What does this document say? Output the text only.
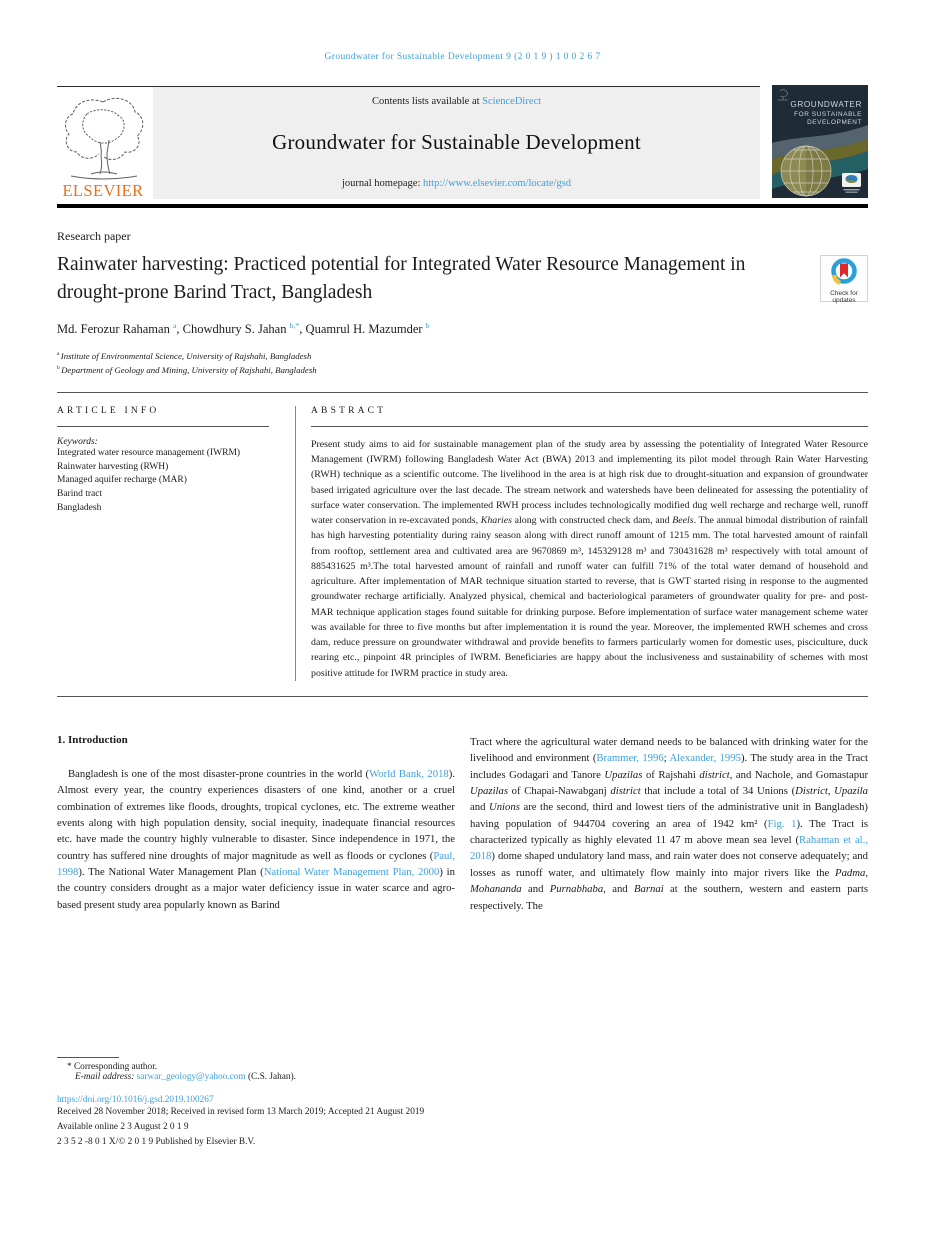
Groundwater for Sustainable Development 9 (2 0 1 9 ) 1 0 0 2 6 7
ELSEVIER
Contents lists available at ScienceDirect
Groundwater for Sustainable Development
journal homepage: http://www.elsevier.com/locate/gsd
GROUNDWATER
FOR SUSTAINABLE
DEVELOPMENT
Research paper
Rainwater harvesting: Practiced potential for Integrated Water Resource Management in drought-prone Barind Tract, Bangladesh	Check for
updates
Md. Ferozur Rahaman $^a$, Chowdhury S. Jahan $^{b,*}$, Quamrul H. Mazumder $^b$
$^a$ Institute of Environmental Science, University of Rajshahi, Bangladesh
$^b$ Department of Geology and Mining, University of Rajshahi, Bangladesh
ARTICLE INFO
Keywords:
Integrated water resource management (IWRM)
Rainwater harvesting (RWH)
Managed aquifer recharge (MAR)
Barind tract
Bangladesh
ABSTRACT

Present study aims to aid for sustainable management plan of the study area by assessing the potentiality of Integrated Water Resource Management (IWRM) following Bangladesh Water Act (BWA) 2013 and implementing its pilot model through Rain Water Harvesting (RWH) technique as a scientific outcome. The livelihood in the area is at high risk due to drought-situation and expansion of groundwater based irrigated agriculture over the last decade. The stream network and watersheds have been delineated for assessing the potentiality of surface water conservation. The implemented RWH process includes technologically modified dug well recharge and recharge well, runoff water conservation in re-excavated ponds, Kharies along with constructed check dam, and Beels. The annual bimodal distribution of rainfall has high harvesting potentiality during rainy season along with direct runoff amount of 1215 mm. The total harvested amount of rainfall from rooftop, settlement area and cultivated area are 9670869 m³, 145329128 m³ and 730431628 m³ respectively with total amount of 885431625 m³.The total harvested amount of rainfall and runoff water can fulfill 71% of the total water demand of household and agriculture. After implementation of MAR technique situation started to reverse, that is GWT started rising in response to the augmented groundwater recharge artificially. Analyzed physical, chemical and bacteriological parameters of groundwater quality for pre- and post- MAR technique application stages found suitable for drinking purpose. Before implementation of surface water management scheme water was available for three to five months but after implementation it is round the year. Moreover, the implemented RWH schemes and cross dam, reduce pressure on groundwater withdrawal and provide benefits to farmers particularly women for domestic uses, pisciculture, duck rearing etc., pinpoint 4R principles of IWRM. Beneficiaries are happy about the inclusiveness and sustainability of schemes with most positive attitude for IWRM practice in study area.

1. Introduction

Bangladesh is one of the most disaster-prone countries in the world (World Bank, 2018). Almost every year, the country experiences disasters of one kind, another or a cruel combination of extremes like floods, droughts, tropical cyclones, etc. The extreme weather events along with high population density, social inequity, inadequate financial resources etc. have made the country highly vulnerable to disaster. Since independence in 1971, the country has suffered nine droughts of major magnitude as well as floods or cyclones (Paul, 1998). The National Water Management Plan (National Water Management Plan, 2000) in the country considers drought as a major water deficiency issue in water scarce and agro-based present study area popularly known as Barind

Tract where the agricultural water demand needs to be balanced with drinking water for the livelihood and environment (Brammer, 1996; Alexander, 1995). The study area in the Tract includes Godagari and Tanore Upazilas of Rajshahi district, and Nachole, and Gomastapur Upazilas of Chapai-Nawabganj district that include a total of 34 Unions (District, Upazila and Unions are the second, third and lowest tiers of the administrative unit in Bangladesh) having population of 944704 covering an area of 1942 km² (Fig. 1). The Tract is characterized typically as highly elevated 11 47 m above mean sea level (Rahaman et al., 2018) dome shaped undulatory land mass, and rain water does not conserve adequately; and losses as runoff water, and ultimately flow mainly into major rivers like the Padma, Mohananda and Purnabhaba, and Barnai at the southern, western and eastern parts respectively. The

* Corresponding author.
E-mail address: sarwar_geology@yahoo.com (C.S. Jahan).
https://doi.org/10.1016/j.gsd.2019.100267
Received 28 November 2018; Received in revised form 13 March 2019; Accepted 21 August 2019
Available online 2 3 August 2 0 1 9
2 3 5 2 -8 0 1 X/© 2 0 1 9 Published by Elsevier B.V.
